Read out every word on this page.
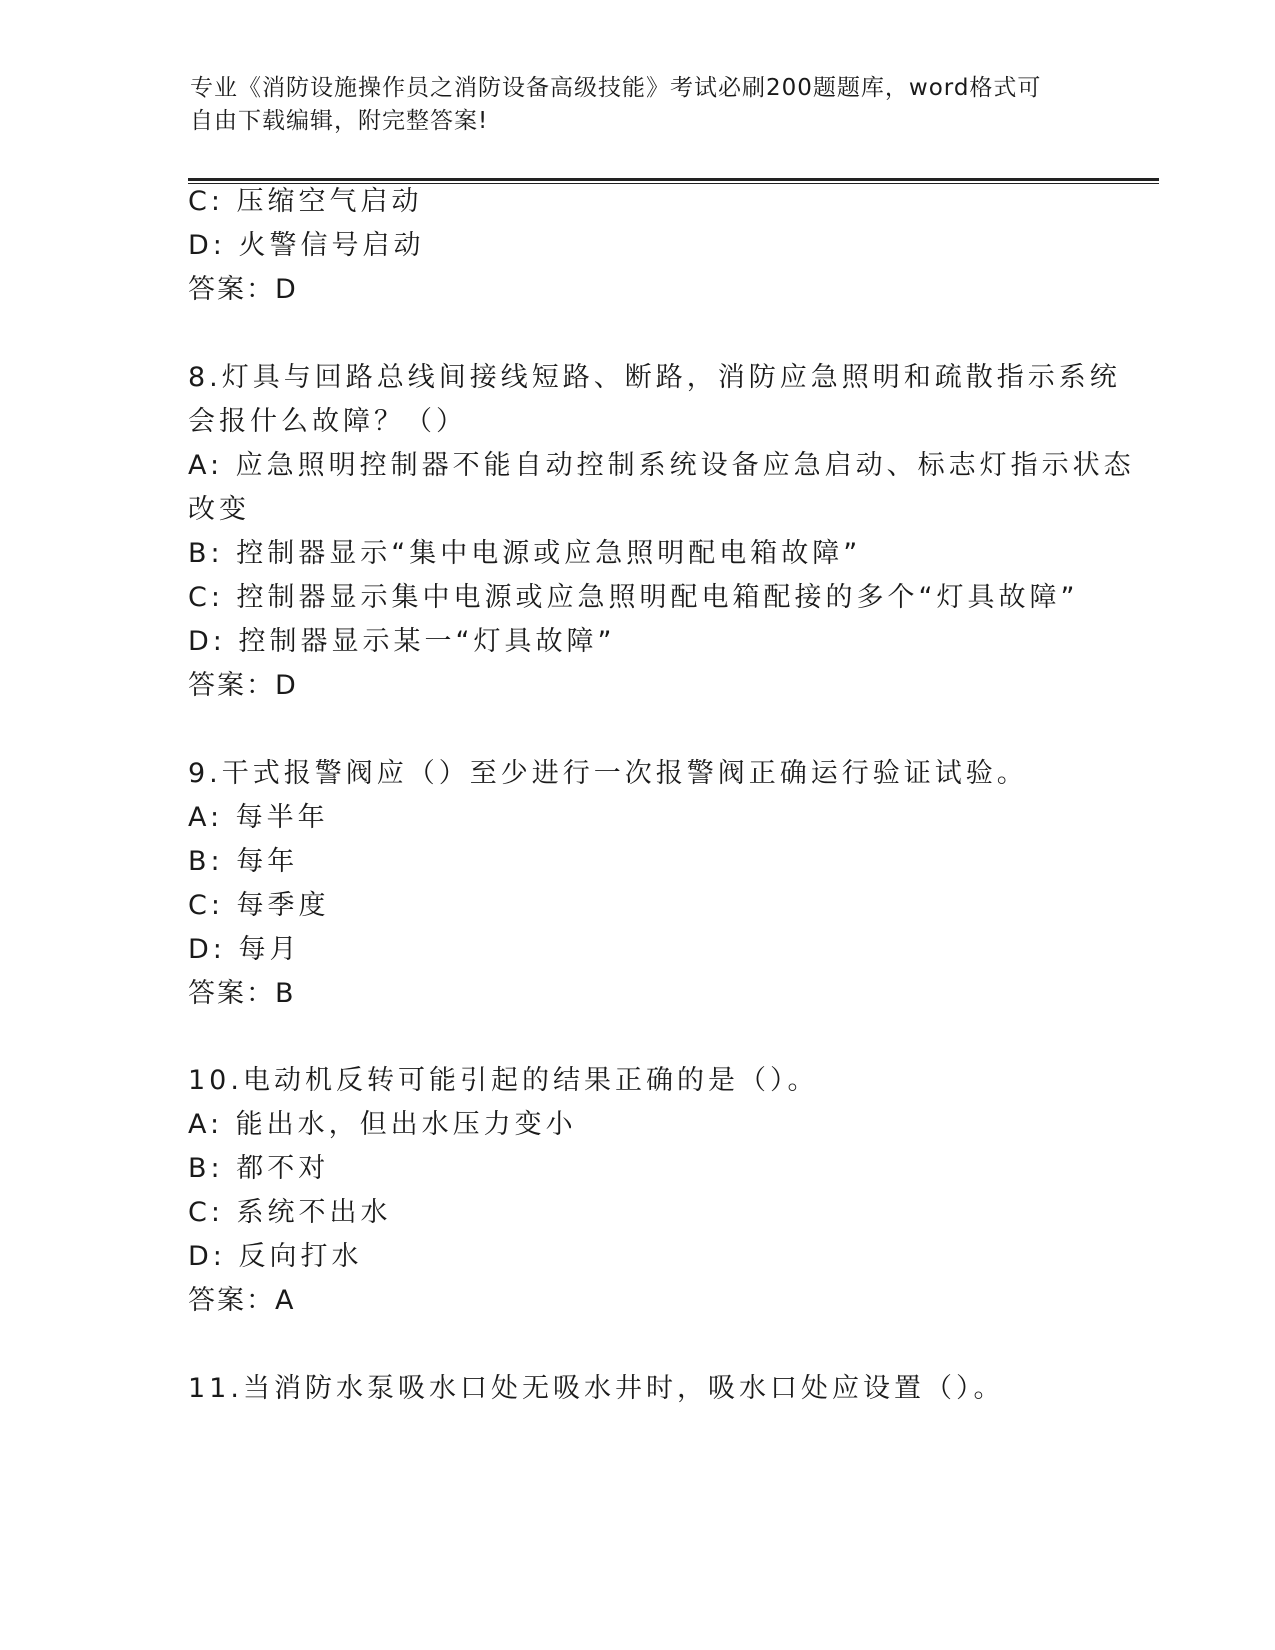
专业《消防设施操作员之消防设备高级技能》考试必刷200题题库，word格式可
自由下载编辑，附完整答案!
C: 压缩空气启动
D: 火警信号启动
答案：D
8.灯具与回路总线间接线短路、断路，消防应急照明和疏散指示系统
会报什么故障？（）
A: 应急照明控制器不能自动控制系统设备应急启动、标志灯指示状态
改变
B: 控制器显示“集中电源或应急照明配电箱故障”
C: 控制器显示集中电源或应急照明配电箱配接的多个“灯具故障”
D: 控制器显示某一“灯具故障”
答案：D
9.干式报警阀应（）至少进行一次报警阀正确运行验证试验。
A: 每半年
B: 每年
C: 每季度
D: 每月
答案：B
10.电动机反转可能引起的结果正确的是（）。
A: 能出水，但出水压力变小
B: 都不对
C: 系统不出水
D: 反向打水
答案：A
11.当消防水泵吸水口处无吸水井时，吸水口处应设置（）。
